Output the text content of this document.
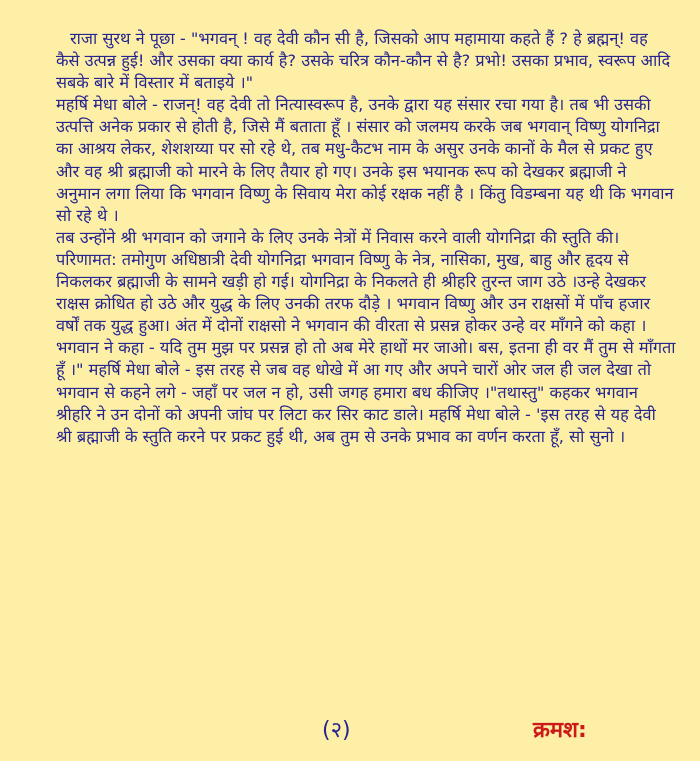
राजा सुरथ ने पूछा - "भगवन् ! वह देवी कौन सी है, जिसको आप महामाया कहते हैं ? हे ब्रह्मन्! वह कैसे उत्पन्न हुई! और उसका क्या कार्य है? उसके चरित्र कौन-कौन से है? प्रभो! उसका प्रभाव, स्वरूप आदि सबके बारे में विस्तार में बताइये ।"

महर्षि मेधा बोले - राजन्! वह देवी तो नित्यास्वरूप है, उनके द्वारा यह संसार रचा गया है। तब भी उसकी उत्पत्ति अनेक प्रकार से होती है, जिसे मैं बताता हूँ । संसार को जलमय करके जब भगवान् विष्णु योगनिद्रा का आश्रय लेकर, शेशशय्या पर सो रहे थे, तब मधु-कैटभ नाम के असुर उनके कानों के मैल से प्रकट हुए और वह श्री ब्रह्माजी को मारने के लिए तैयार हो गए। उनके इस भयानक रूप को देखकर ब्रह्माजी ने अनुमान लगा लिया कि भगवान विष्णु के सिवाय मेरा कोई रक्षक नहीं है । किंतु विडम्बना यह थी कि भगवान सो रहे थे ।

तब उन्होंने श्री भगवान को जगाने के लिए उनके नेत्रों में निवास करने वाली योगनिद्रा की स्तुति की। परिणामत: तमोगुण अधिष्ठात्री देवी योगनिद्रा भगवान विष्णु के नेत्र, नासिका, मुख, बाहु और हृदय से निकलकर ब्रह्माजी के सामने खड़ी हो गई। योगनिद्रा के निकलते ही श्रीहरि तुरन्त जाग उठे ।उन्हे देखकर राक्षस क्रोधित हो उठे और युद्ध के लिए उनकी तरफ दौड़े । भगवान विष्णु और उन राक्षसों में पाँच हजार वर्षों तक युद्ध हुआ। अंत में दोनों राक्षसो ने भगवान की वीरता से प्रसन्न होकर उन्हे वर माँगने को कहा ।

भगवान ने कहा - यदि तुम मुझ पर प्रसन्न हो तो अब मेरे हाथों मर जाओ। बस, इतना ही वर मैं तुम से माँगता हूँ ।" महर्षि मेधा बोले - इस तरह से जब वह धोखे में आ गए और अपने चारों ओर जल ही जल देखा तो भगवान से कहने लगे - जहाँ पर जल न हो, उसी जगह हमारा बध कीजिए ।"तथास्तु" कहकर भगवान श्रीहरि ने उन दोनों को अपनी जांघ पर लिटा कर सिर काट डाले। महर्षि मेधा बोले - 'इस तरह से यह देवी श्री ब्रह्माजी के स्तुति करने पर प्रकट हुई थी, अब तुम से उनके प्रभाव का वर्णन करता हूँ, सो सुनो ।

(२)	क्रमश:
